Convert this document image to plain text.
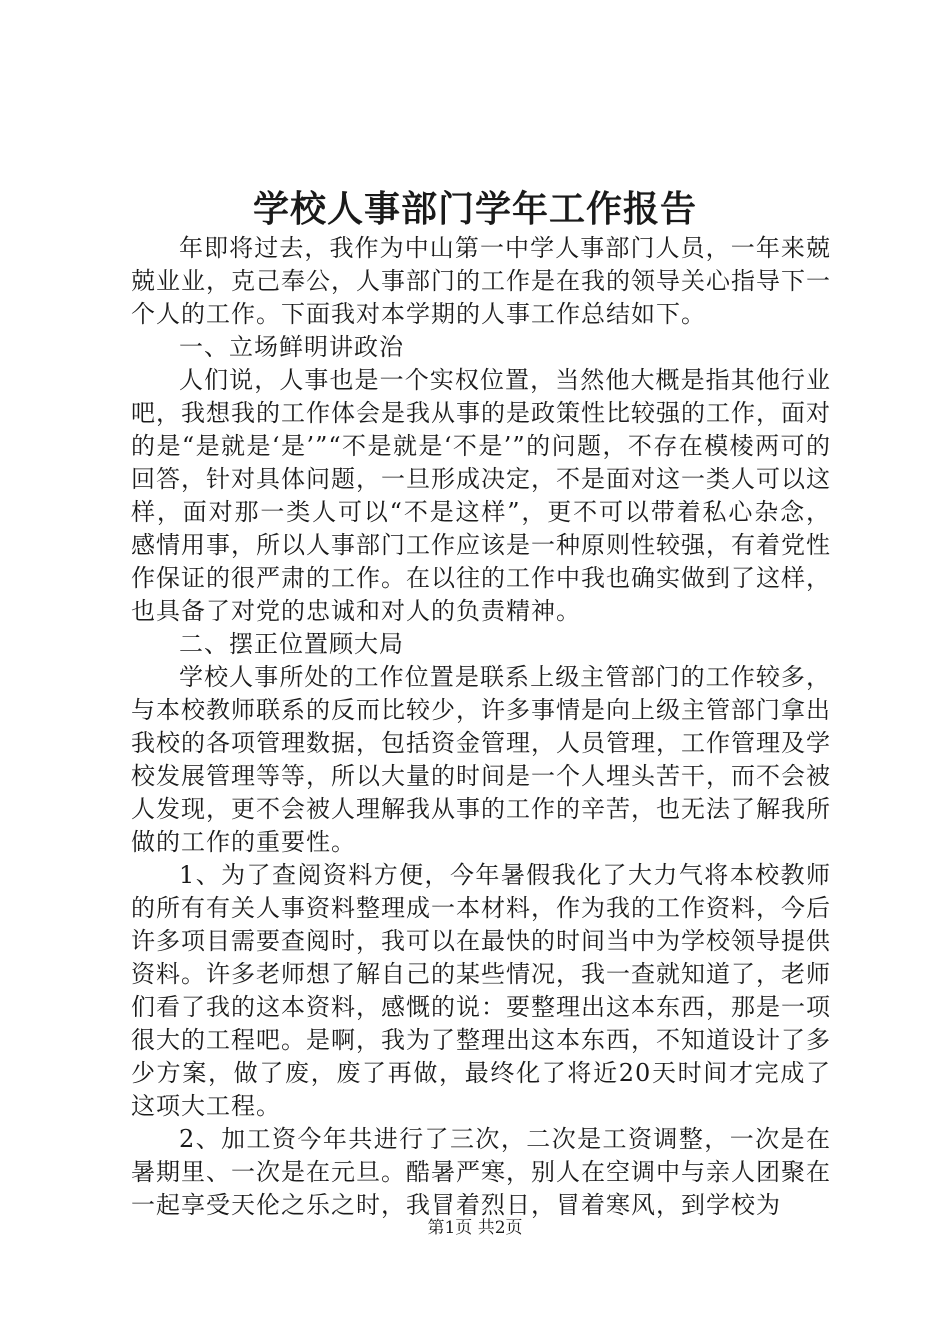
学校人事部门学年工作报告

年即将过去，我作为中山第一中学人事部门人员，一年来兢兢业业，克己奉公，人事部门的工作是在我的领导关心指导下一个人的工作。下面我对本学期的人事工作总结如下。

一、立场鲜明讲政治

人们说，人事也是一个实权位置，当然他大概是指其他行业吧，我想我的工作体会是我从事的是政策性比较强的工作，面对的是“是就是‘是’”“不是就是‘不是’”的问题，不存在模棱两可的回答，针对具体问题，一旦形成决定，不是面对这一类人可以这样，面对那一类人可以“不是这样”，更不可以带着私心杂念，感情用事，所以人事部门工作应该是一种原则性较强，有着党性作保证的很严肃的工作。在以往的工作中我也确实做到了这样，也具备了对党的忠诚和对人的负责精神。

二、摆正位置顾大局

学校人事所处的工作位置是联系上级主管部门的工作较多，与本校教师联系的反而比较少，许多事情是向上级主管部门拿出我校的各项管理数据，包括资金管理，人员管理，工作管理及学校发展管理等等，所以大量的时间是一个人埋头苦干，而不会被人发现，更不会被人理解我从事的工作的辛苦，也无法了解我所做的工作的重要性。

1、为了查阅资料方便，今年暑假我化了大力气将本校教师的所有有关人事资料整理成一本材料，作为我的工作资料，今后许多项目需要查阅时，我可以在最快的时间当中为学校领导提供资料。许多老师想了解自己的某些情况，我一查就知道了，老师们看了我的这本资料，感慨的说：要整理出这本东西，那是一项很大的工程吧。是啊，我为了整理出这本东西，不知道设计了多少方案，做了废，废了再做，最终化了将近20天时间才完成了这项大工程。

2、加工资今年共进行了三次，二次是工资调整，一次是在暑期里、一次是在元旦。酷暑严寒，别人在空调中与亲人团聚在一起享受天伦之乐之时，我冒着烈日，冒着寒风，到学校为

第1页 共2页
